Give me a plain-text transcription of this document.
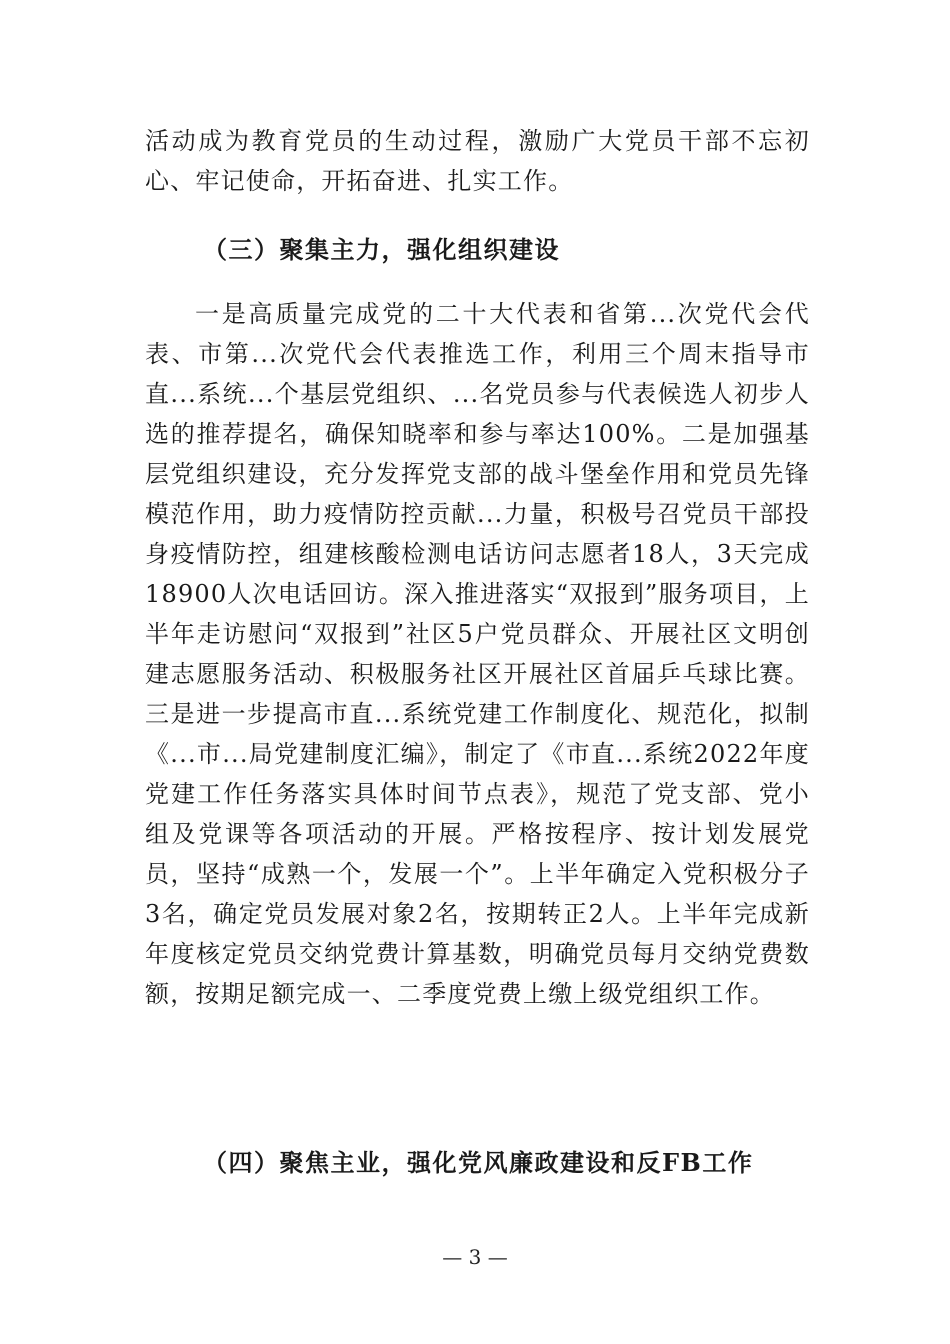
活动成为教育党员的生动过程，激励广大党员干部不忘初心、牢记使命，开拓奋进、扎实工作。

（三）聚集主力，强化组织建设

一是高质量完成党的二十大代表和省第...次党代会代表、市第...次党代会代表推选工作，利用三个周末指导市直...系统...个基层党组织、...名党员参与代表候选人初步人选的推荐提名，确保知晓率和参与率达100%。二是加强基层党组织建设，充分发挥党支部的战斗堡垒作用和党员先锋模范作用，助力疫情防控贡献...力量，积极号召党员干部投身疫情防控，组建核酸检测电话访问志愿者18人，3天完成18900人次电话回访。深入推进落实“双报到”服务项目，上半年走访慰问“双报到”社区5户党员群众、开展社区文明创建志愿服务活动、积极服务社区开展社区首届乒乓球比赛。三是进一步提高市直...系统党建工作制度化、规范化，拟制《...市...局党建制度汇编》，制定了《市直...系统2022年度党建工作任务落实具体时间节点表》，规范了党支部、党小组及党课等各项活动的开展。严格按程序、按计划发展党员，坚持“成熟一个，发展一个”。上半年确定入党积极分子3名，确定党员发展对象2名，按期转正2人。上半年完成新年度核定党员交纳党费计算基数，明确党员每月交纳党费数额，按期足额完成一、二季度党费上缴上级党组织工作。

（四）聚焦主业，强化党风廉政建设和反FB工作
— 3 —
